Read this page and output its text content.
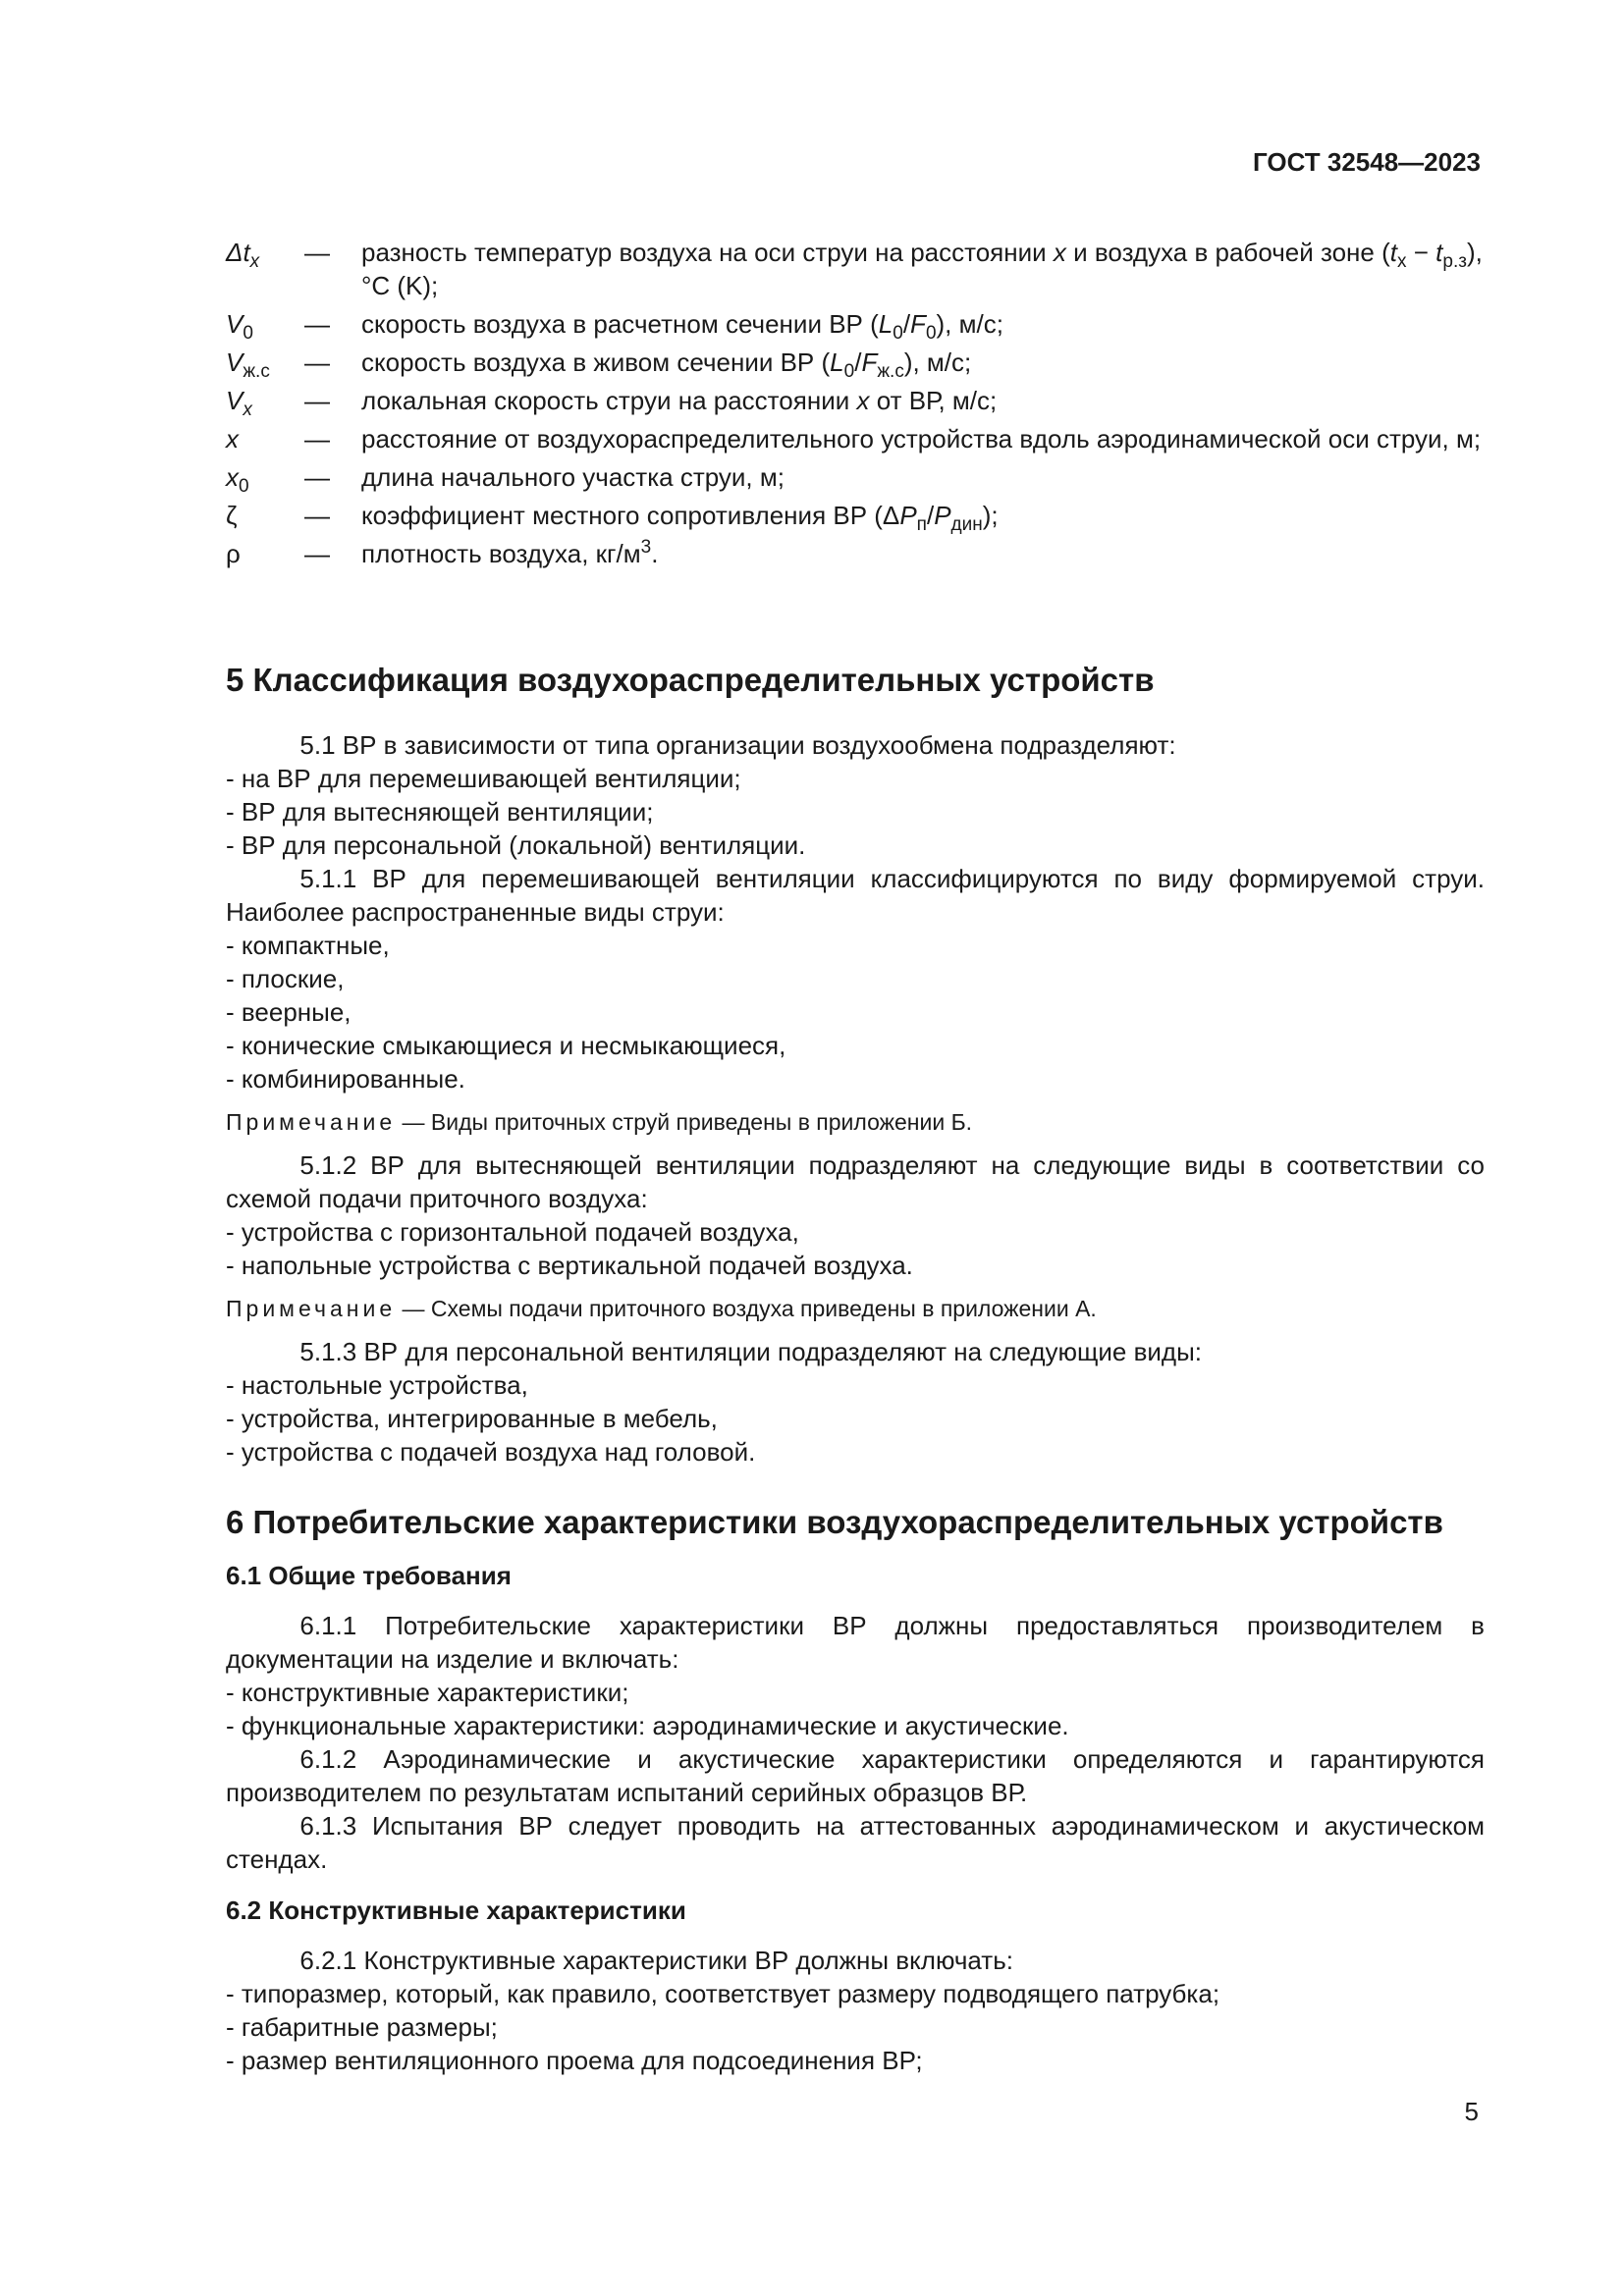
ГОСТ 32548—2023
$\Delta t_x$	—	разность температур воздуха на оси струи на расстоянии x и воздуха в рабочей зоне $(t_x - t_{р.з})$, °С (K);
$V_0$	—	скорость воздуха в расчетном сечении ВР $(L_0/F_0)$, м/с;
$V_{ж.с}$	—	скорость воздуха в живом сечении ВР $(L_0/F_{ж.с})$, м/с;
$V_x$	—	локальная скорость струи на расстоянии x от ВР, м/с;
x	—	расстояние от воздухораспределительного устройства вдоль аэродинамической оси струи, м;
$x_0$	—	длина начального участка струи, м;
ζ	—	коэффициент местного сопротивления ВР $(\Delta P_п/P_{дин})$;
ρ	—	плотность воздуха, $кг/м^3$.
5 Классификация воздухораспределительных устройств

5.1 ВР в зависимости от типа организации воздухообмена подразделяют:

- на ВР для перемешивающей вентиляции;
- ВР для вытесняющей вентиляции;
- ВР для персональной (локальной) вентиляции.

5.1.1 ВР для перемешивающей вентиляции классифицируются по виду формируемой струи. Наиболее распространенные виды струи:

- компактные,
- плоские,
- веерные,
- конические смыкающиеся и несмыкающиеся,
- комбинированные.
Примечание — Виды приточных струй приведены в приложении Б.

5.1.2 ВР для вытесняющей вентиляции подразделяют на следующие виды в соответствии со схемой подачи приточного воздуха:

- устройства с горизонтальной подачей воздуха,
- напольные устройства с вертикальной подачей воздуха.
Примечание — Схемы подачи приточного воздуха приведены в приложении А.

5.1.3 ВР для персональной вентиляции подразделяют на следующие виды:

- настольные устройства,
- устройства, интегрированные в мебель,
- устройства с подачей воздуха над головой.
6 Потребительские характеристики воздухораспределительных устройств
6.1 Общие требования

6.1.1 Потребительские характеристики ВР должны предоставляться производителем в документации на изделие и включать:

- конструктивные характеристики;
- функциональные характеристики: аэродинамические и акустические.

6.1.2 Аэродинамические и акустические характеристики определяются и гарантируются производителем по результатам испытаний серийных образцов ВР.

6.1.3 Испытания ВР следует проводить на аттестованных аэродинамическом и акустическом стендах.

6.2 Конструктивные характеристики

6.2.1 Конструктивные характеристики ВР должны включать:

- типоразмер, который, как правило, соответствует размеру подводящего патрубка;
- габаритные размеры;
- размер вентиляционного проема для подсоединения ВР;
5
